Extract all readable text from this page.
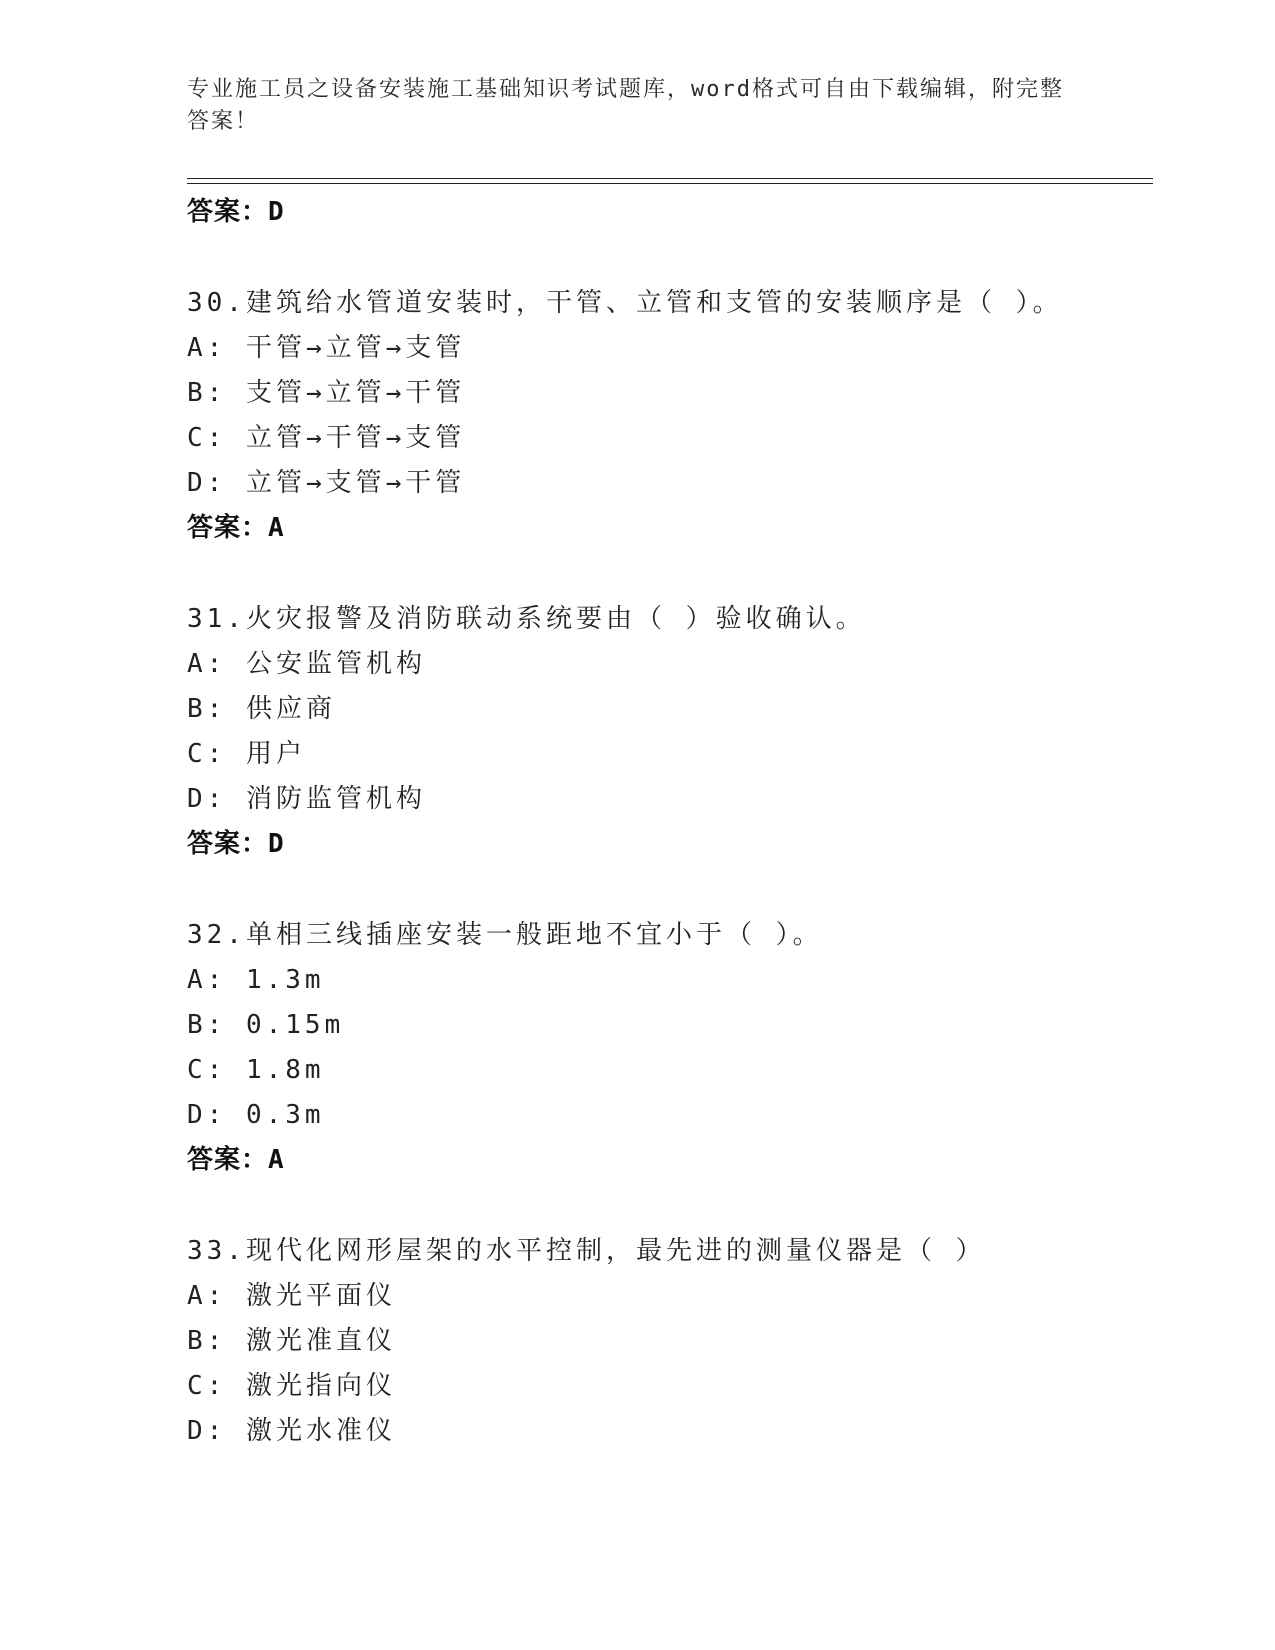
专业施工员之设备安装施工基础知识考试题库，word格式可自由下载编辑，附完整答案！
答案：D
30.建筑给水管道安装时，干管、立管和支管的安装顺序是（ ）。
A: 干管→立管→支管
B: 支管→立管→干管
C: 立管→干管→支管
D: 立管→支管→干管
答案：A
31.火灾报警及消防联动系统要由（ ）验收确认。
A: 公安监管机构
B: 供应商
C: 用户
D: 消防监管机构
答案：D
32.单相三线插座安装一般距地不宜小于（ ）。
A: 1.3m
B: 0.15m
C: 1.8m
D: 0.3m
答案：A
33.现代化网形屋架的水平控制，最先进的测量仪器是（ ）
A: 激光平面仪
B: 激光准直仪
C: 激光指向仪
D: 激光水准仪
